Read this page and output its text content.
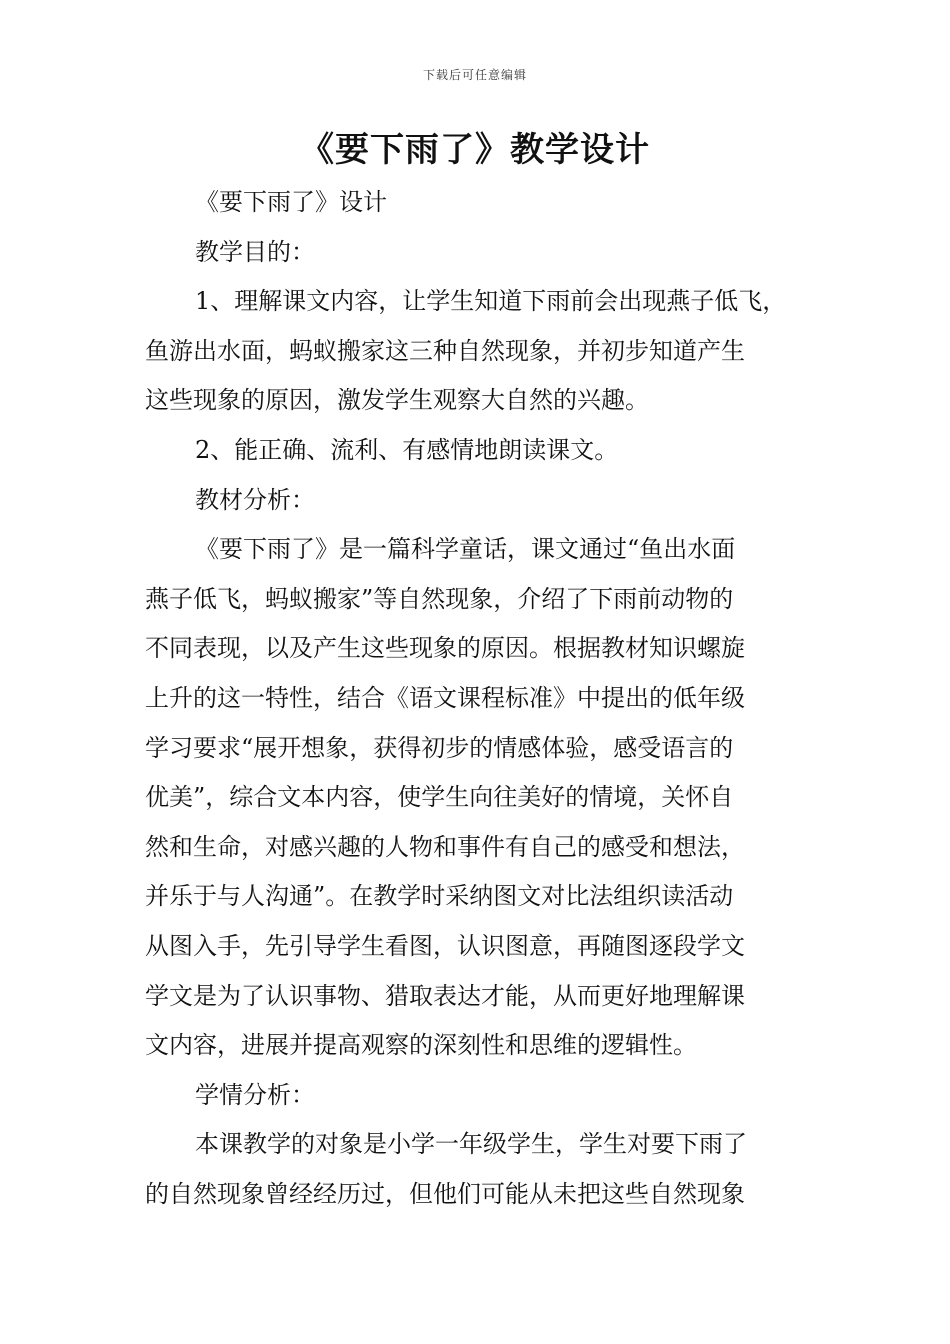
下载后可任意编辑
《要下雨了》教学设计
《要下雨了》设计
教学目的：
1、理解课文内容，让学生知道下雨前会出现燕子低飞，
鱼游出水面，蚂蚁搬家这三种自然现象，并初步知道产生
这些现象的原因，激发学生观察大自然的兴趣。
2、能正确、流利、有感情地朗读课文。
教材分析：
《要下雨了》是一篇科学童话，课文通过“鱼出水面
燕子低飞，蚂蚁搬家”等自然现象，介绍了下雨前动物的
不同表现，以及产生这些现象的原因。根据教材知识螺旋
上升的这一特性，结合《语文课程标准》中提出的低年级
学习要求“展开想象，获得初步的情感体验，感受语言的
优美”，综合文本内容，使学生向往美好的情境，关怀自
然和生命，对感兴趣的人物和事件有自己的感受和想法，
并乐于与人沟通”。在教学时采纳图文对比法组织读活动
从图入手，先引导学生看图，认识图意，再随图逐段学文
学文是为了认识事物、猎取表达才能，从而更好地理解课
文内容，进展并提高观察的深刻性和思维的逻辑性。
学情分析：
本课教学的对象是小学一年级学生，学生对要下雨了
的自然现象曾经经历过，但他们可能从未把这些自然现象
